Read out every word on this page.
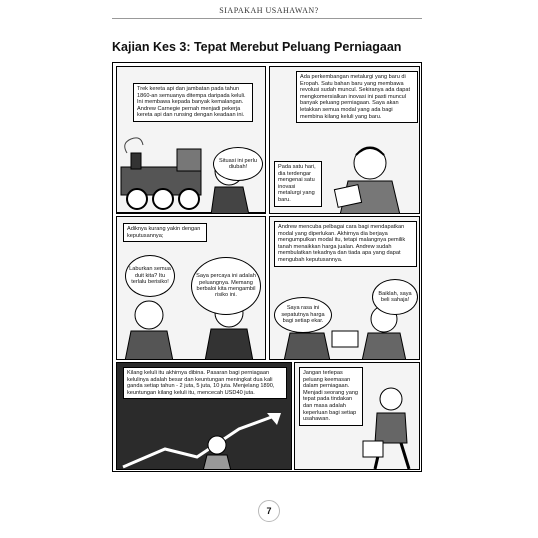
SIAPAKAH USAHAWAN?
Kajian Kes 3: Tepat Merebut Peluang Perniagaan
Trek kereta api dan jambatan pada tahun 1860-an semuanya ditempa daripada keluli. Ini membawa kepada banyak kemalangan. Andrew Carnegie pernah menjadi pekerja kereta api dan runsing dengan keadaan ini.
Situasi ini perlu diubah!
Ada perkembangan metalurgi yang baru di Eropah. Satu bahan baru yang membawa revolusi sudah muncul. Sekiranya ada dapat mengkomersialkan inovasi ini pasti muncul banyak peluang perniagaan. Saya akan letakkan semua modal yang ada bagi membina kilang keluli yang baru.
Pada satu hari, dia terdengar mengenai satu inovasi metalurgi yang baru.
Adiknya kurang yakin dengan keputusannya;
Laburkan semua duit kita? Itu terlalu berisiko!
Saya percaya ini adalah peluangnya. Memang berbaloi kita mengambil risiko ini.
Andrew mencuba pelbagai cara bagi mendapatkan modal yang diperlukan. Akhirnya dia berjaya mengumpulkan modal itu, tetapi malangnya pemilik tanah menaikkan harga jualan. Andrew sudah membulatkan tekadnya dan tiada apa yang dapat mengubah keputusannya.
Saya rasa ini sepatutnya harga bagi setiap ekar.
Baiklah, saya beli sahaja!
Kilang keluli itu akhirnya dibina. Pasaran bagi perniagaan kelulinya adalah besar dan keuntungan meningkat dua kali ganda setiap tahun - 2 juta, 5 juta, 10 juta. Menjelang 1890, keuntungan kilang keluli itu, mencecah USD40 juta.
Jangan terlepas peluang keemasan dalam perniagaan. Menjadi seorang yang tepat pada tindakan dan masa adalah keperluan bagi setiap usahawan.
7
